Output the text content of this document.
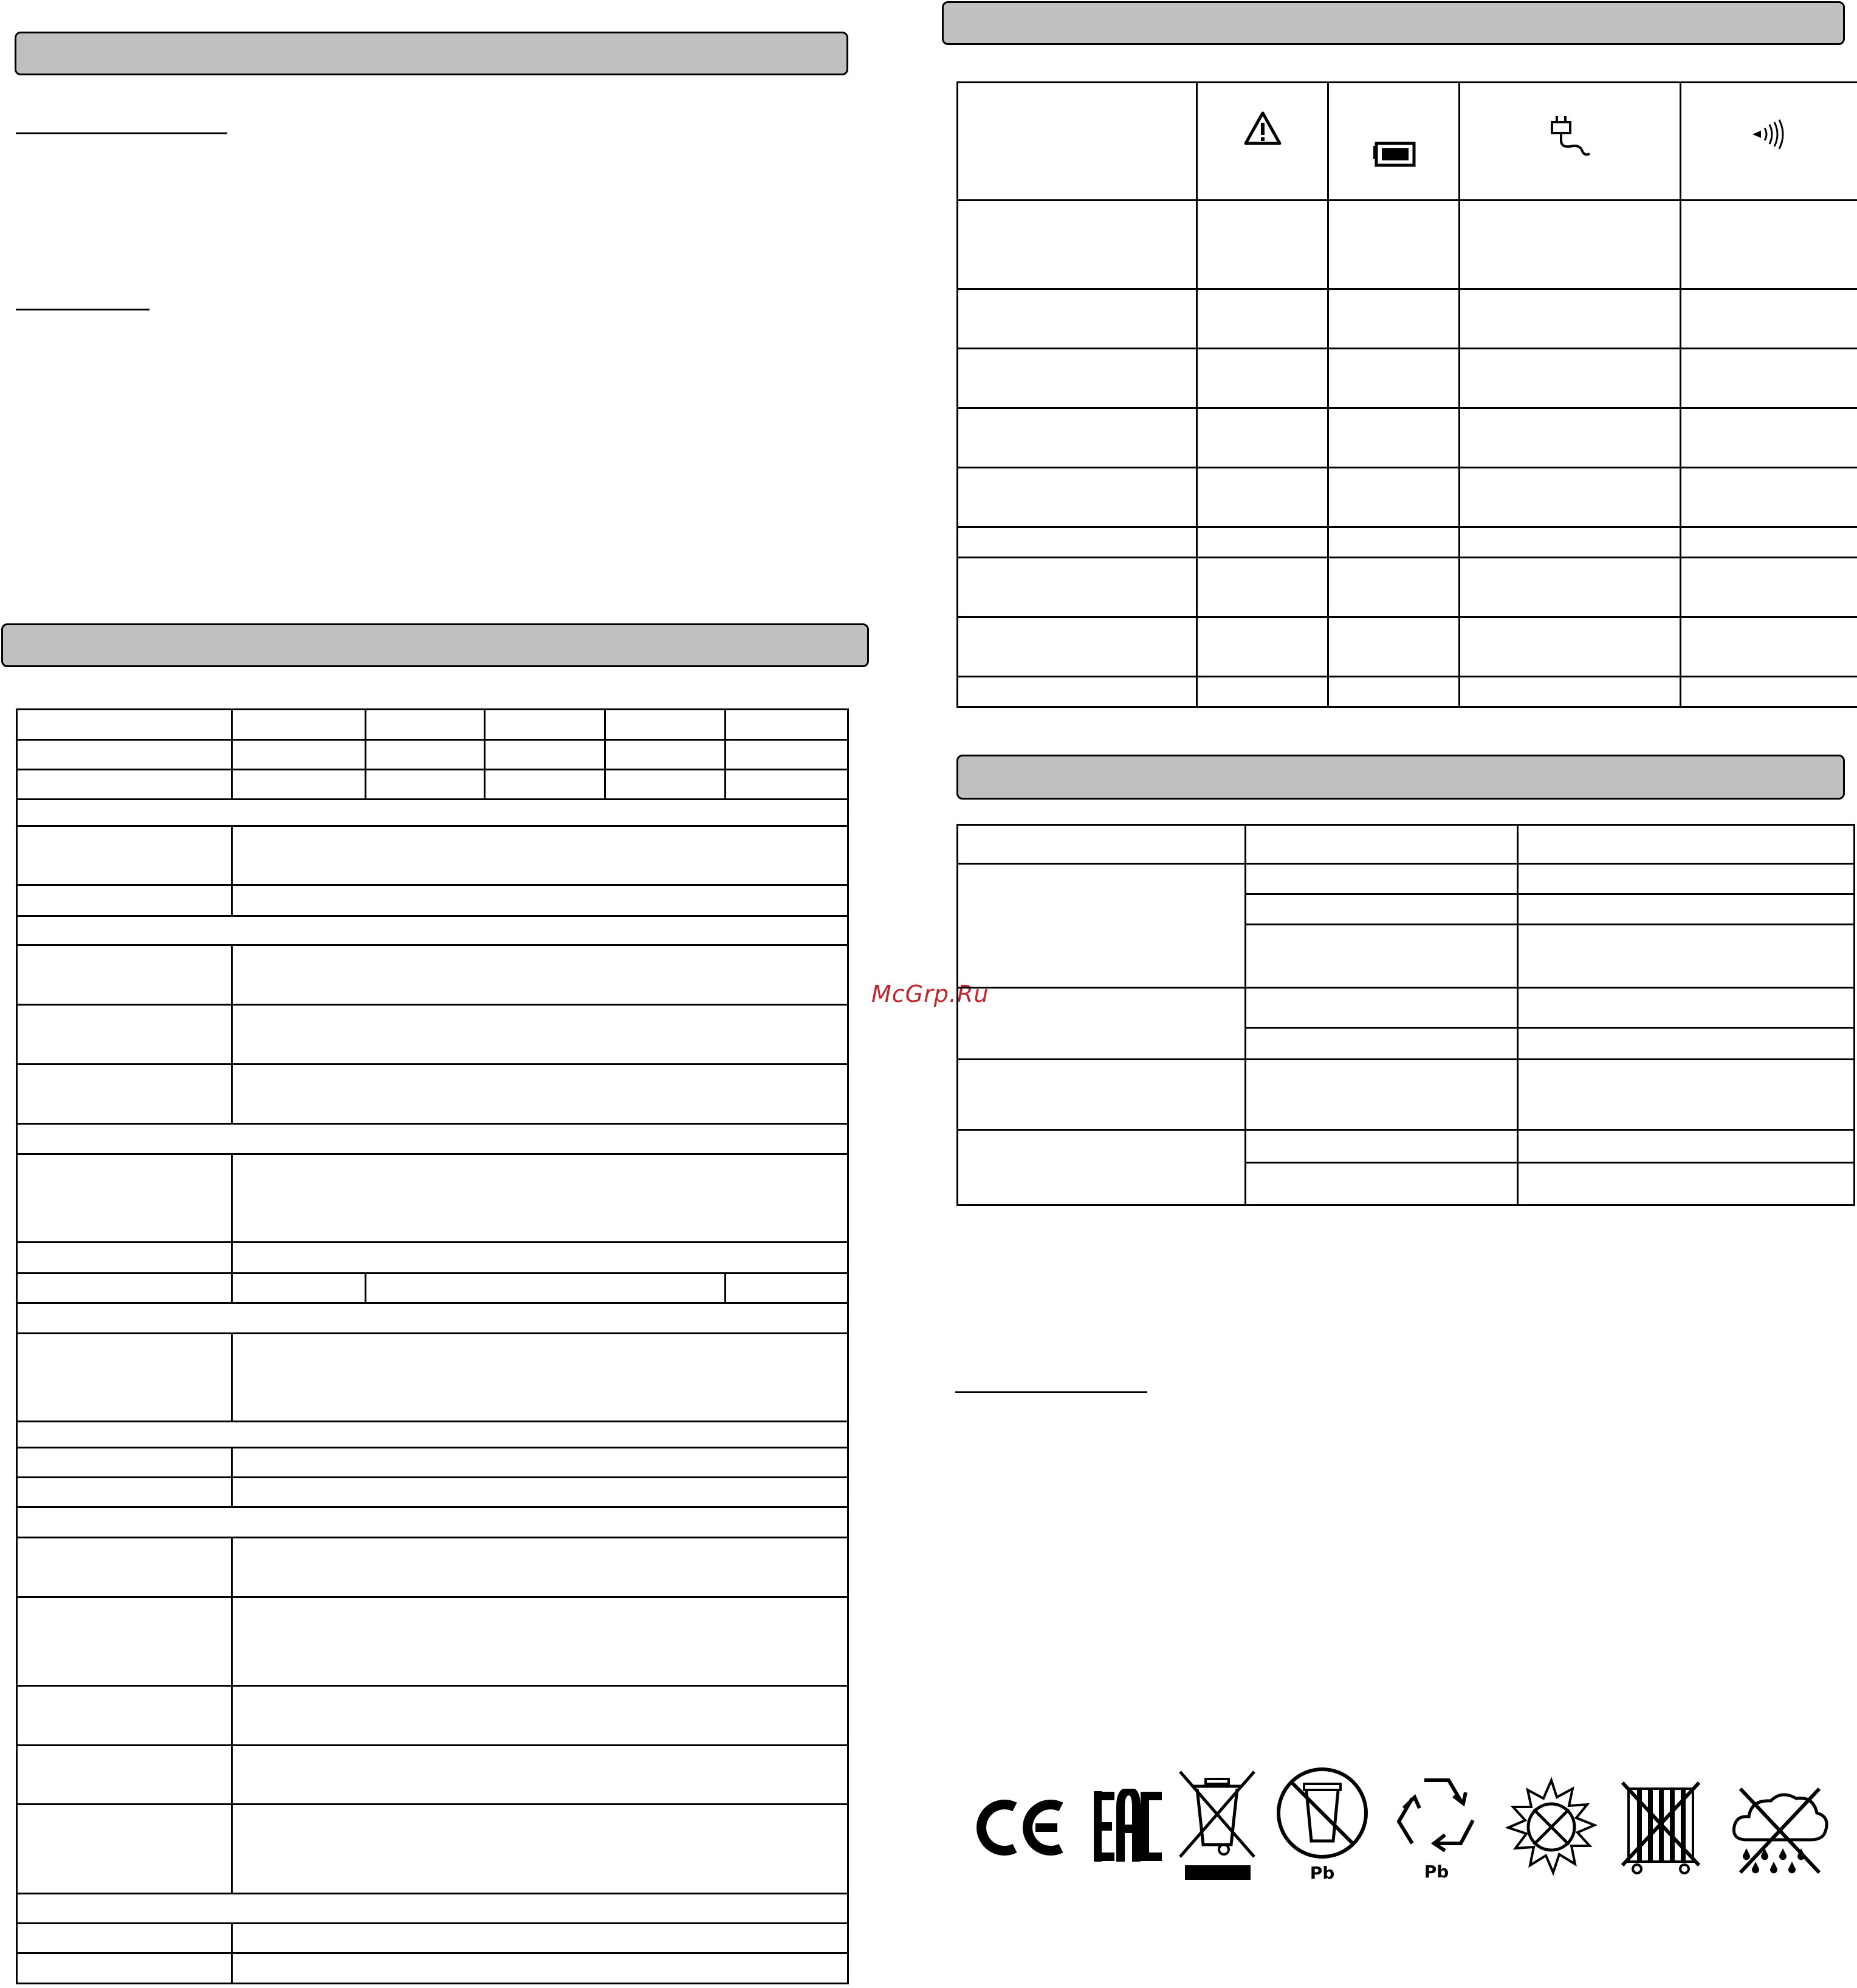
McGrp.Ru

Pb	Pb
